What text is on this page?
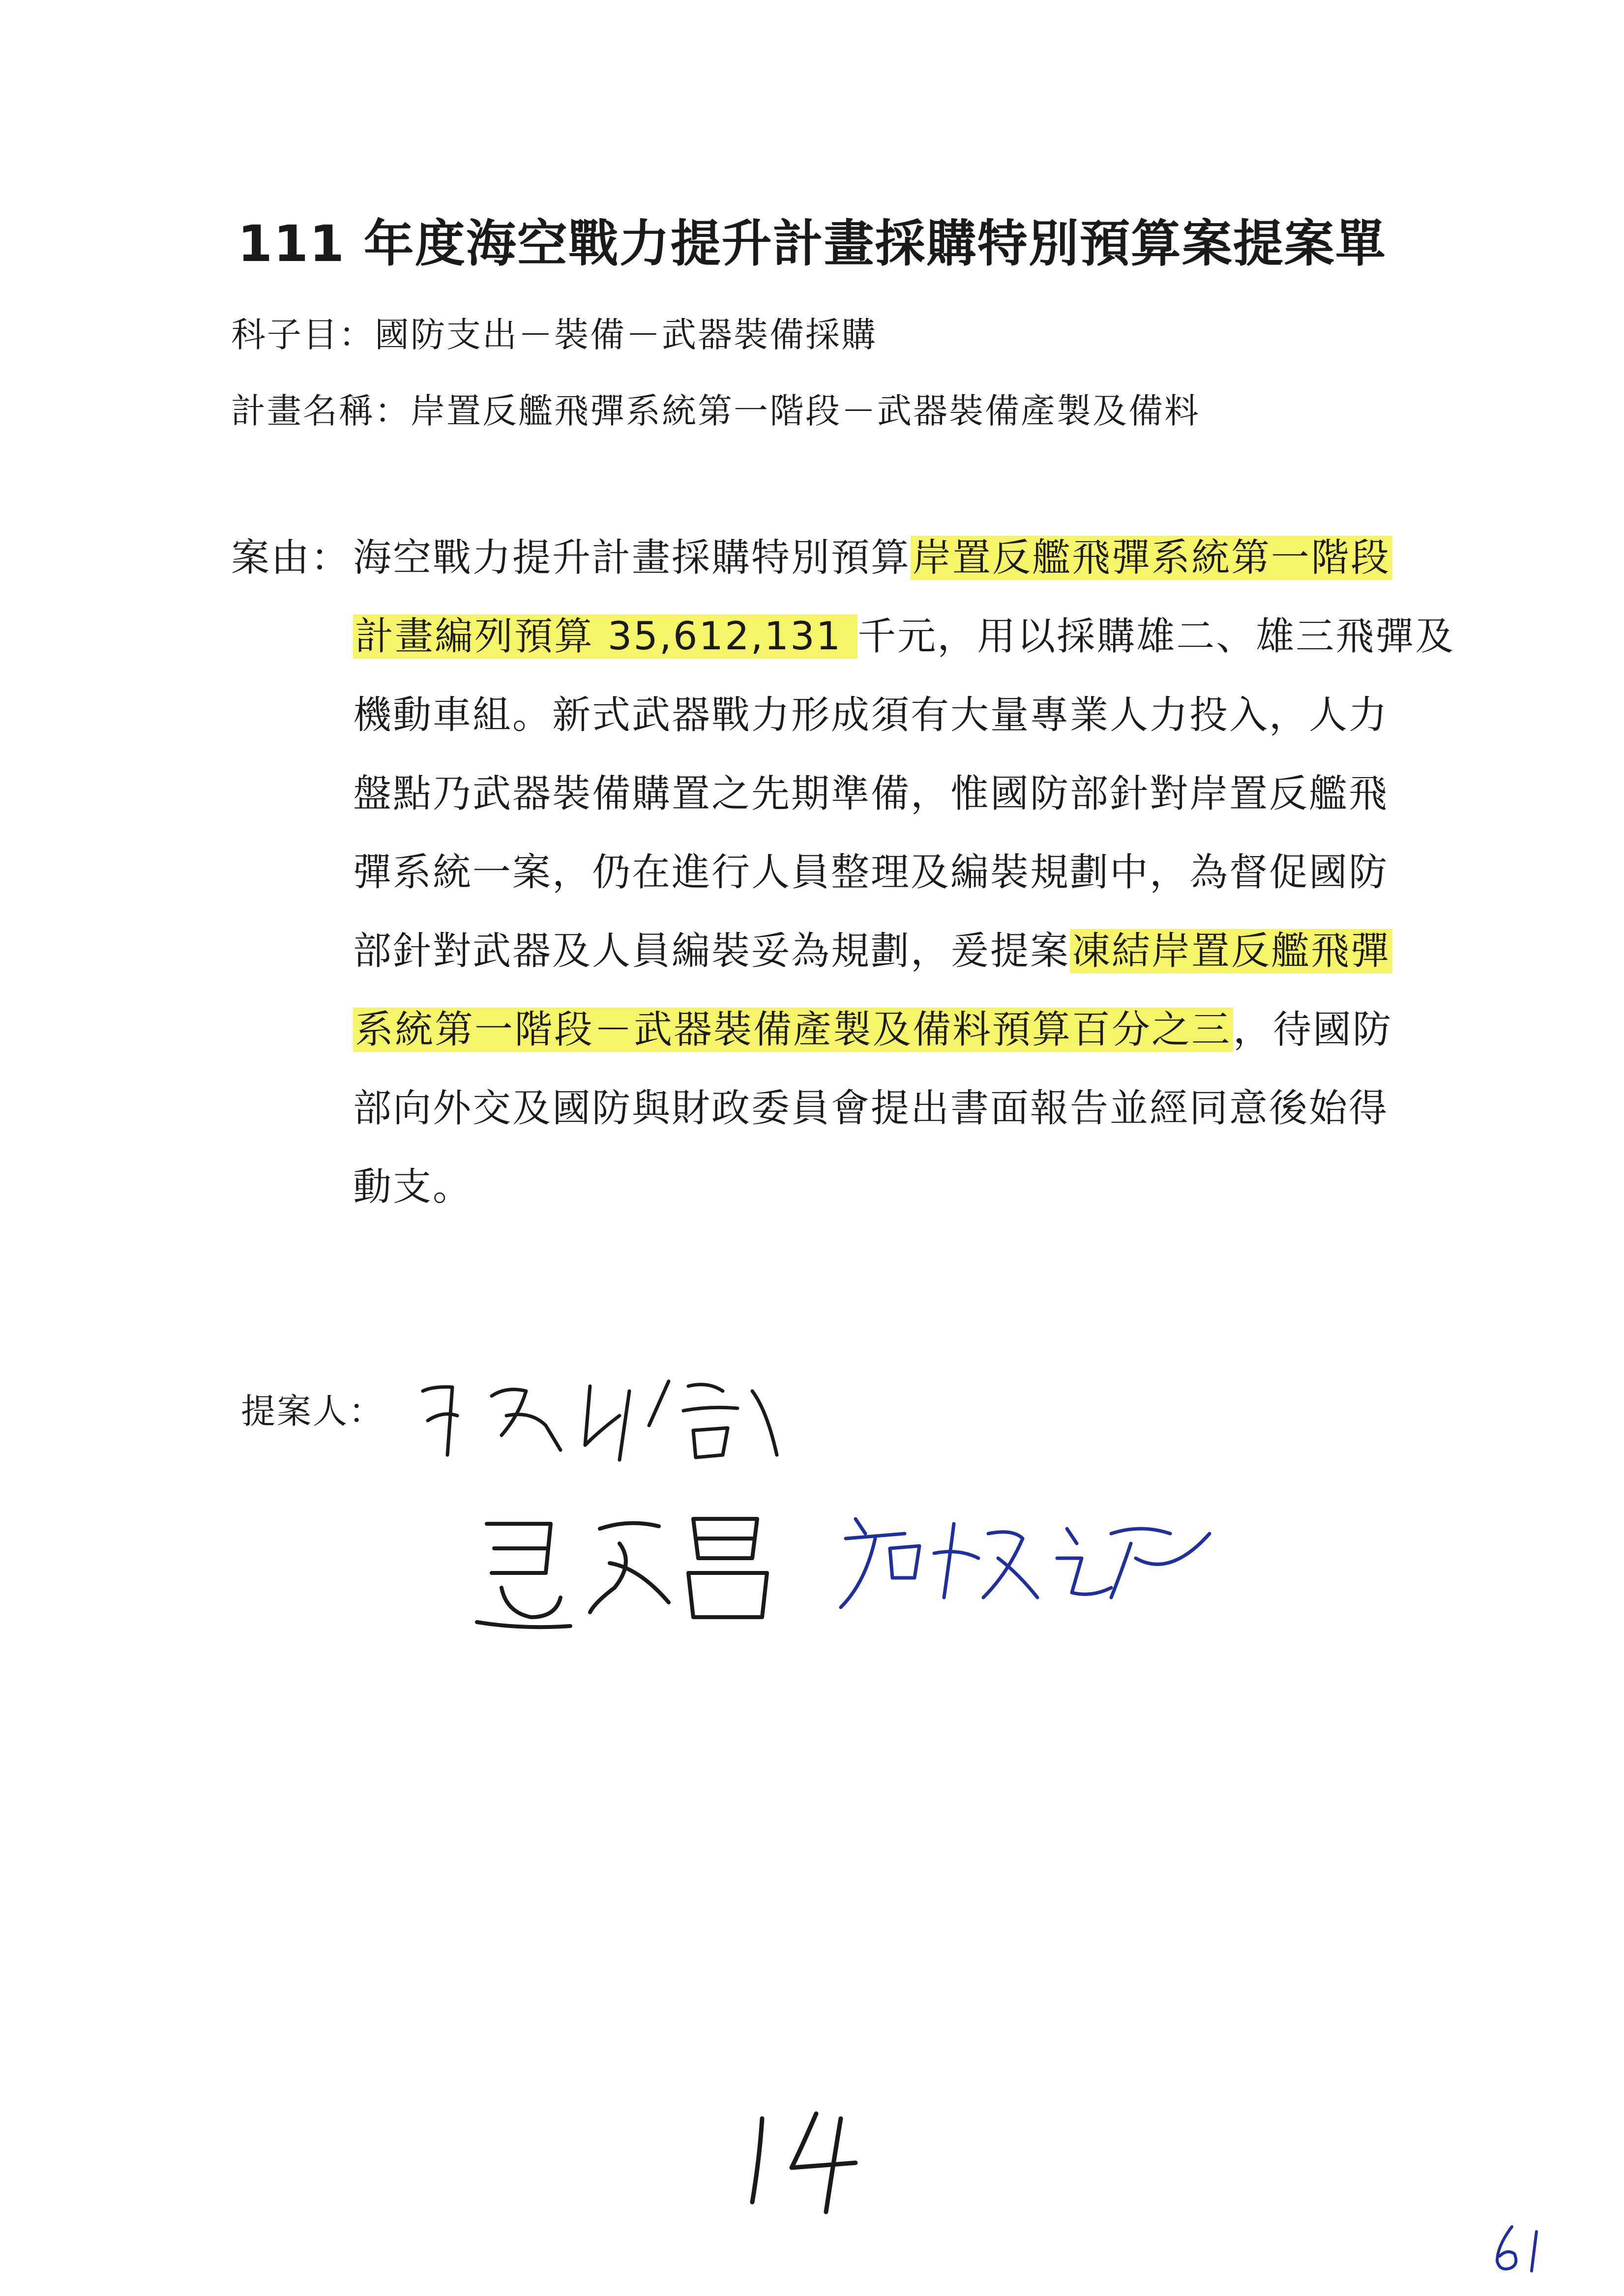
111 年度海空戰力提升計畫採購特別預算案提案單
科子目：國防支出－裝備－武器裝備採購
計畫名稱：岸置反艦飛彈系統第一階段－武器裝備產製及備料
案由： 海空戰力提升計畫採購特別預算岸置反艦飛彈系統第一階段
計畫編列預算 35,612,131 千元，用以採購雄二、雄三飛彈及
機動車組。新式武器戰力形成須有大量專業人力投入，人力
盤點乃武器裝備購置之先期準備，惟國防部針對岸置反艦飛
彈系統一案，仍在進行人員整理及編裝規劃中，為督促國防
部針對武器及人員編裝妥為規劃，爰提案凍結岸置反艦飛彈
系統第一階段－武器裝備產製及備料預算百分之三，待國防
部向外交及國防與財政委員會提出書面報告並經同意後始得
動支。
提案人：
